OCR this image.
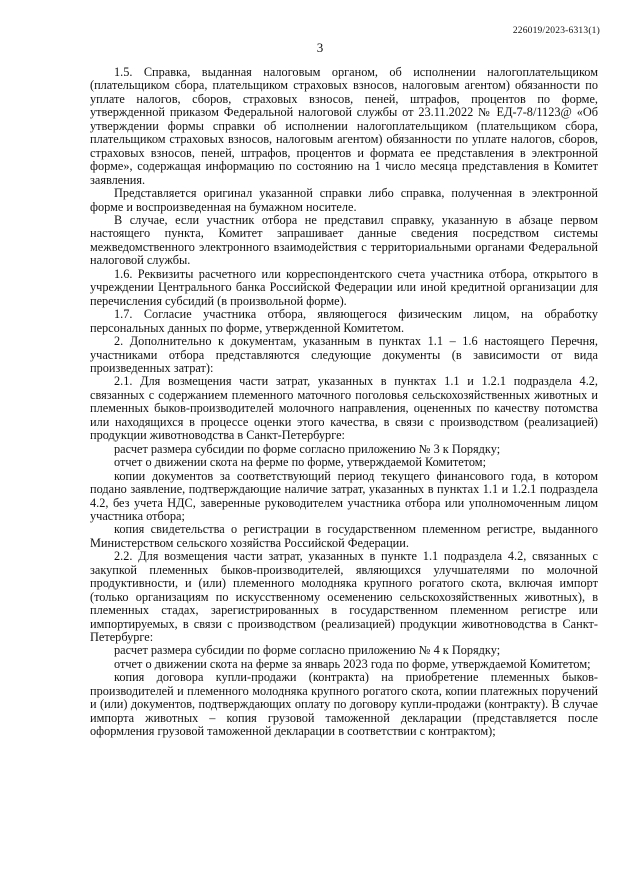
226019/2023-6313(1)
3

1.5. Справка, выданная налоговым органом, об исполнении налогоплательщиком (плательщиком сбора, плательщиком страховых взносов, налоговым агентом) обязанности по уплате налогов, сборов, страховых взносов, пеней, штрафов, процентов по форме, утвержденной приказом Федеральной налоговой службы от 23.11.2022 № ЕД-7-8/1123@ «Об утверждении формы справки об исполнении налогоплательщиком (плательщиком сбора, плательщиком страховых взносов, налоговым агентом) обязанности по уплате налогов, сборов, страховых взносов, пеней, штрафов, процентов и формата ее представления в электронной форме», содержащая информацию по состоянию на 1 число месяца представления в Комитет заявления.

Представляется оригинал указанной справки либо справка, полученная в электронной форме и воспроизведенная на бумажном носителе.

В случае, если участник отбора не представил справку, указанную в абзаце первом настоящего пункта, Комитет запрашивает данные сведения посредством системы межведомственного электронного взаимодействия с территориальными органами Федеральной налоговой службы.

1.6. Реквизиты расчетного или корреспондентского счета участника отбора, открытого в учреждении Центрального банка Российской Федерации или иной кредитной организации для перечисления субсидий (в произвольной форме).

1.7. Согласие участника отбора, являющегося физическим лицом, на обработку персональных данных по форме, утвержденной Комитетом.

2. Дополнительно к документам, указанным в пунктах 1.1 – 1.6 настоящего Перечня, участниками отбора представляются следующие документы (в зависимости от вида произведенных затрат):

2.1. Для возмещения части затрат, указанных в пунктах 1.1 и 1.2.1 подраздела 4.2, связанных с содержанием племенного маточного поголовья сельскохозяйственных животных и племенных быков-производителей молочного направления, оцененных по качеству потомства или находящихся в процессе оценки этого качества, в связи с производством (реализацией) продукции животноводства в Санкт-Петербурге:

расчет размера субсидии по форме согласно приложению № 3 к Порядку;

отчет о движении скота на ферме по форме, утверждаемой Комитетом;

копии документов за соответствующий период текущего финансового года, в котором подано заявление, подтверждающие наличие затрат, указанных в пунктах 1.1 и 1.2.1 подраздела 4.2, без учета НДС, заверенные руководителем участника отбора или уполномоченным лицом участника отбора;

копия свидетельства о регистрации в государственном племенном регистре, выданного Министерством сельского хозяйства Российской Федерации.

2.2. Для возмещения части затрат, указанных в пункте 1.1 подраздела 4.2, связанных с закупкой племенных быков-производителей, являющихся улучшателями по молочной продуктивности, и (или) племенного молодняка крупного рогатого скота, включая импорт (только организациям по искусственному осеменению сельскохозяйственных животных), в племенных стадах, зарегистрированных в государственном племенном регистре или импортируемых, в связи с производством (реализацией) продукции животноводства в Санкт-Петербурге:

расчет размера субсидии по форме согласно приложению № 4 к Порядку;

отчет о движении скота на ферме за январь 2023 года по форме, утверждаемой Комитетом;

копия договора купли-продажи (контракта) на приобретение племенных быков-производителей и племенного молодняка крупного рогатого скота, копии платежных поручений и (или) документов, подтверждающих оплату по договору купли-продажи (контракту). В случае импорта животных – копия грузовой таможенной декларации (представляется после оформления грузовой таможенной декларации в соответствии с контрактом);
